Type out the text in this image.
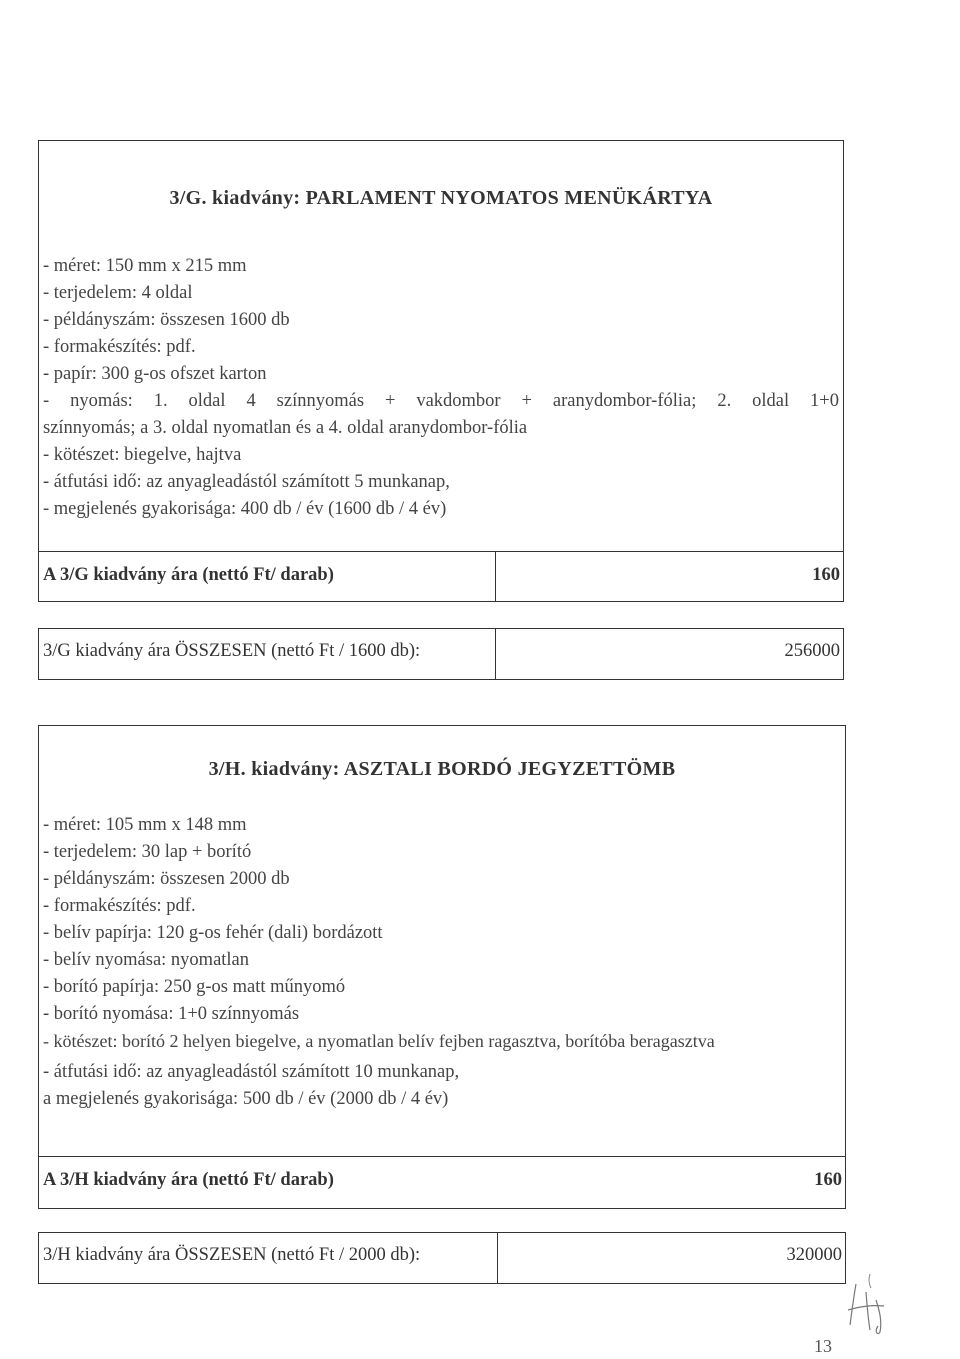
3/G. kiadvány: PARLAMENT NYOMATOS MENÜKÁRTYA
- méret: 150 mm x 215 mm
- terjedelem: 4 oldal
- példányszám: összesen 1600 db
- formakészítés: pdf.
- papír: 300 g-os ofszet karton
- nyomás: 1. oldal 4 színnyomás + vakdombor + aranydombor-fólia; 2. oldal 1+0
színnyomás; a 3. oldal nyomatlan és a 4. oldal aranydombor-fólia
- kötészet: biegelve, hajtva
- átfutási idő: az anyagleadástól számított 5 munkanap,
- megjelenés gyakorisága: 400 db / év (1600 db / 4 év)
A 3/G kiadvány ára (nettó Ft/ darab)	160
3/G kiadvány ára ÖSSZESEN (nettó Ft / 1600 db):	256000
3/H. kiadvány: ASZTALI BORDÓ JEGYZETTÖMB
- méret: 105 mm x 148 mm
- terjedelem: 30 lap + borító
- példányszám: összesen 2000 db
- formakészítés: pdf.
- belív papírja: 120 g-os fehér (dali) bordázott
- belív nyomása: nyomatlan
- borító papírja: 250 g-os matt műnyomó
- borító nyomása: 1+0 színnyomás
- kötészet: borító 2 helyen biegelve, a nyomatlan belív fejben ragasztva, borítóba beragasztva
- átfutási idő: az anyagleadástól számított 10 munkanap,
a megjelenés gyakorisága: 500 db / év (2000 db / 4 év)
A 3/H kiadvány ára (nettó Ft/ darab)	160
3/H kiadvány ára ÖSSZESEN (nettó Ft / 2000 db):	320000
13
